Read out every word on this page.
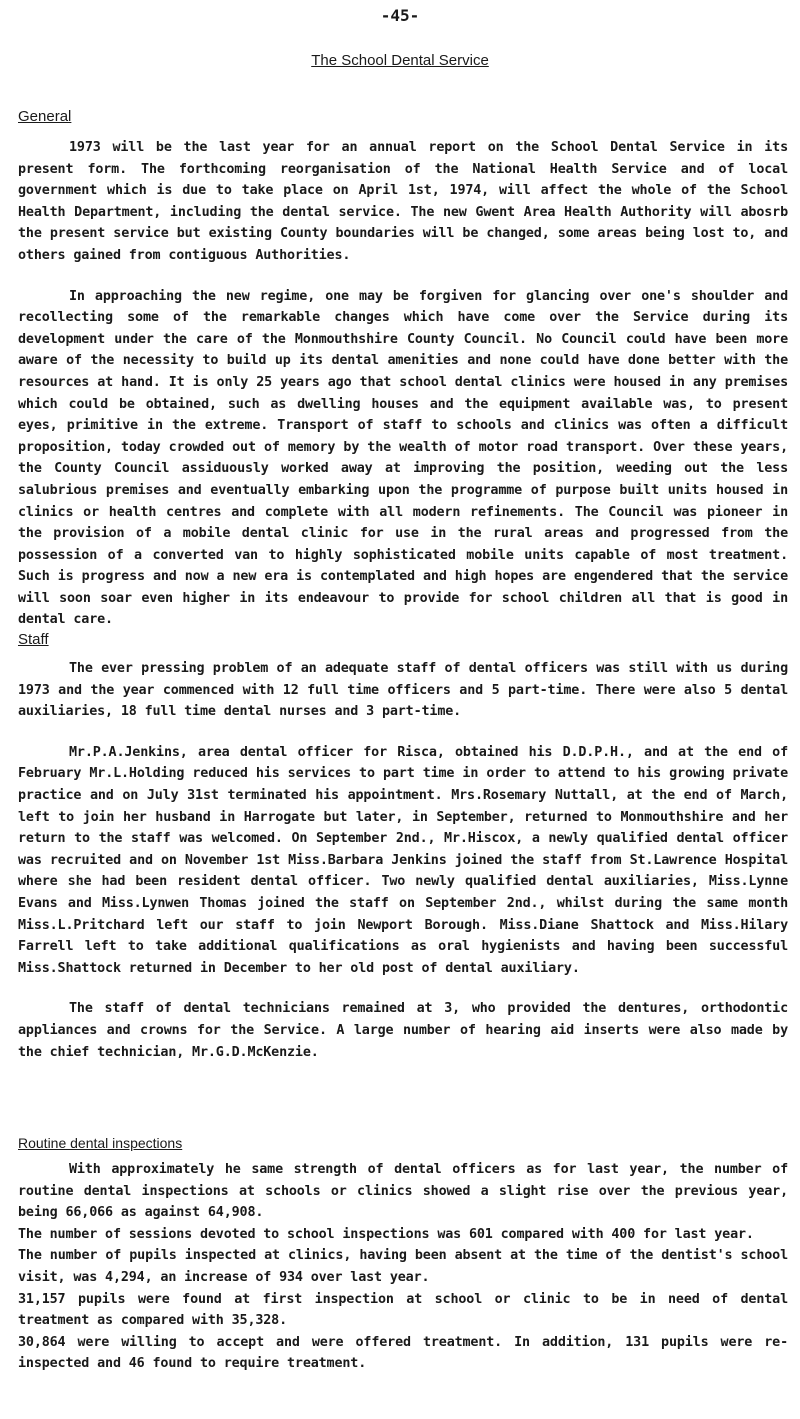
-45-
The School Dental Service
General

1973 will be the last year for an annual report on the School Dental Service in its present form. The forthcoming reorganisation of the National Health Service and of local government which is due to take place on April 1st, 1974, will affect the whole of the School Health Department, including the dental service. The new Gwent Area Health Authority will abosrb the present service but existing County boundaries will be changed, some areas being lost to, and others gained from contiguous Authorities.

In approaching the new regime, one may be forgiven for glancing over one's shoulder and recollecting some of the remarkable changes which have come over the Service during its development under the care of the Monmouthshire County Council. No Council could have been more aware of the necessity to build up its dental amenities and none could have done better with the resources at hand. It is only 25 years ago that school dental clinics were housed in any premises which could be obtained, such as dwelling houses and the equipment available was, to present eyes, primitive in the extreme. Transport of staff to schools and clinics was often a difficult proposition, today crowded out of memory by the wealth of motor road transport. Over these years, the County Council assiduously worked away at improving the position, weeding out the less salubrious premises and eventually embarking upon the programme of purpose built units housed in clinics or health centres and complete with all modern refinements. The Council was pioneer in the provision of a mobile dental clinic for use in the rural areas and progressed from the possession of a converted van to highly sophisticated mobile units capable of most treatment. Such is progress and now a new era is contemplated and high hopes are engendered that the service will soon soar even higher in its endeavour to provide for school children all that is good in dental care.

Staff

The ever pressing problem of an adequate staff of dental officers was still with us during 1973 and the year commenced with 12 full time officers and 5 part-time. There were also 5 dental auxiliaries, 18 full time dental nurses and 3 part-time.

Mr.P.A.Jenkins, area dental officer for Risca, obtained his D.D.P.H., and at the end of February Mr.L.Holding reduced his services to part time in order to attend to his growing private practice and on July 31st terminated his appointment. Mrs.Rosemary Nuttall, at the end of March, left to join her husband in Harrogate but later, in September, returned to Monmouthshire and her return to the staff was welcomed. On September 2nd., Mr.Hiscox, a newly qualified dental officer was recruited and on November 1st Miss.Barbara Jenkins joined the staff from St.Lawrence Hospital where she had been resident dental officer. Two newly qualified dental auxiliaries, Miss.Lynne Evans and Miss.Lynwen Thomas joined the staff on September 2nd., whilst during the same month Miss.L.Pritchard left our staff to join Newport Borough. Miss.Diane Shattock and Miss.Hilary Farrell left to take additional qualifications as oral hygienists and having been successful Miss.Shattock returned in December to her old post of dental auxiliary.

The staff of dental technicians remained at 3, who provided the dentures, orthodontic appliances and crowns for the Service. A large number of hearing aid inserts were also made by the chief technician, Mr.G.D.McKenzie.

Routine dental inspections

With approximately he same strength of dental officers as for last year, the number of routine dental inspections at schools or clinics showed a slight rise over the previous year, being 66,066 as against 64,908.

The number of sessions devoted to school inspections was 601 compared with 400 for last year.

The number of pupils inspected at clinics, having been absent at the time of the dentist's school visit, was 4,294, an increase of 934 over last year.

31,157 pupils were found at first inspection at school or clinic to be in need of dental treatment as compared with 35,328.

30,864 were willing to accept and were offered treatment. In addition, 131 pupils were re-inspected and 46 found to require treatment.
